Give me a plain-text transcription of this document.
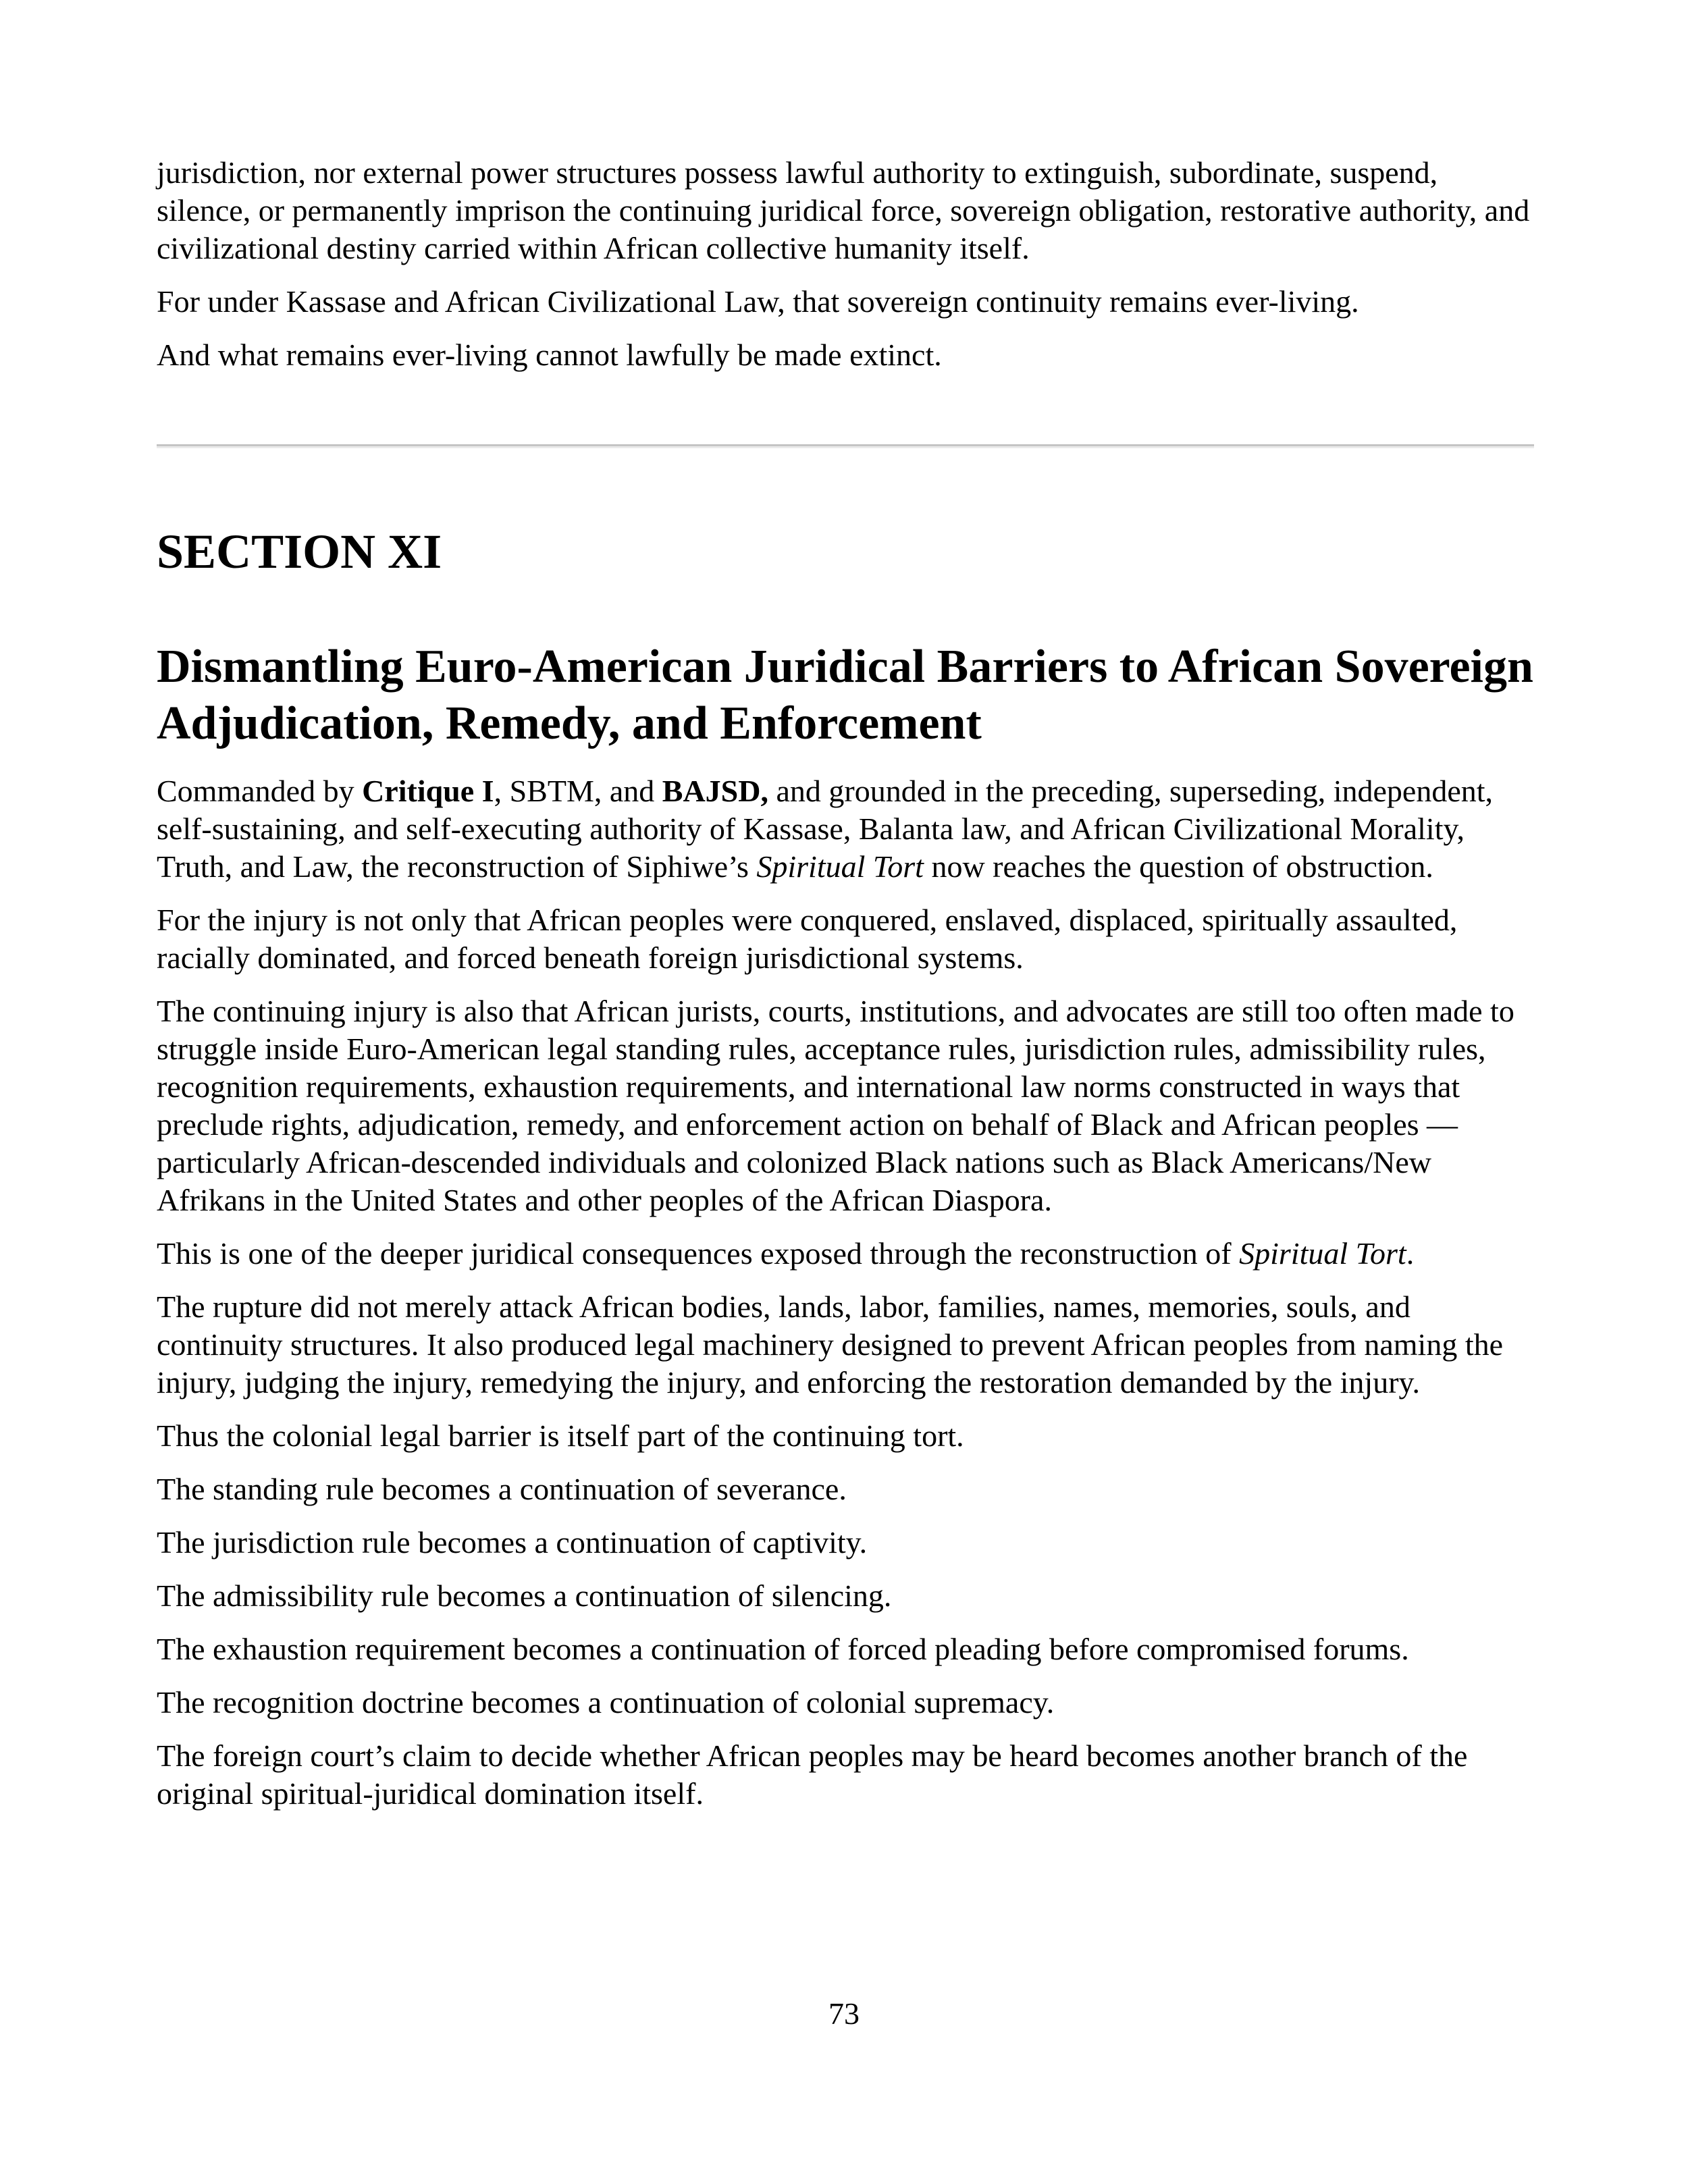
jurisdiction, nor external power structures possess lawful authority to extinguish, subordinate, suspend, silence, or permanently imprison the continuing juridical force, sovereign obligation, restorative authority, and civilizational destiny carried within African collective humanity itself.

For under Kassase and African Civilizational Law, that sovereign continuity remains ever-living.

And what remains ever-living cannot lawfully be made extinct.

SECTION XI
Dismantling Euro-American Juridical Barriers to African Sovereign Adjudication, Remedy, and Enforcement

Commanded by Critique I, SBTM, and BAJSD, and grounded in the preceding, superseding, independent, self-sustaining, and self-executing authority of Kassase, Balanta law, and African Civilizational Morality, Truth, and Law, the reconstruction of Siphiwe’s Spiritual Tort now reaches the question of obstruction.

For the injury is not only that African peoples were conquered, enslaved, displaced, spiritually assaulted, racially dominated, and forced beneath foreign jurisdictional systems.

The continuing injury is also that African jurists, courts, institutions, and advocates are still too often made to struggle inside Euro-American legal standing rules, acceptance rules, jurisdiction rules, admissibility rules, recognition requirements, exhaustion requirements, and international law norms constructed in ways that preclude rights, adjudication, remedy, and enforcement action on behalf of Black and African peoples — particularly African-descended individuals and colonized Black nations such as Black Americans/New Afrikans in the United States and other peoples of the African Diaspora.

This is one of the deeper juridical consequences exposed through the reconstruction of Spiritual Tort.

The rupture did not merely attack African bodies, lands, labor, families, names, memories, souls, and continuity structures. It also produced legal machinery designed to prevent African peoples from naming the injury, judging the injury, remedying the injury, and enforcing the restoration demanded by the injury.

Thus the colonial legal barrier is itself part of the continuing tort.

The standing rule becomes a continuation of severance.

The jurisdiction rule becomes a continuation of captivity.

The admissibility rule becomes a continuation of silencing.

The exhaustion requirement becomes a continuation of forced pleading before compromised forums.

The recognition doctrine becomes a continuation of colonial supremacy.

The foreign court’s claim to decide whether African peoples may be heard becomes another branch of the original spiritual-juridical domination itself.

73
